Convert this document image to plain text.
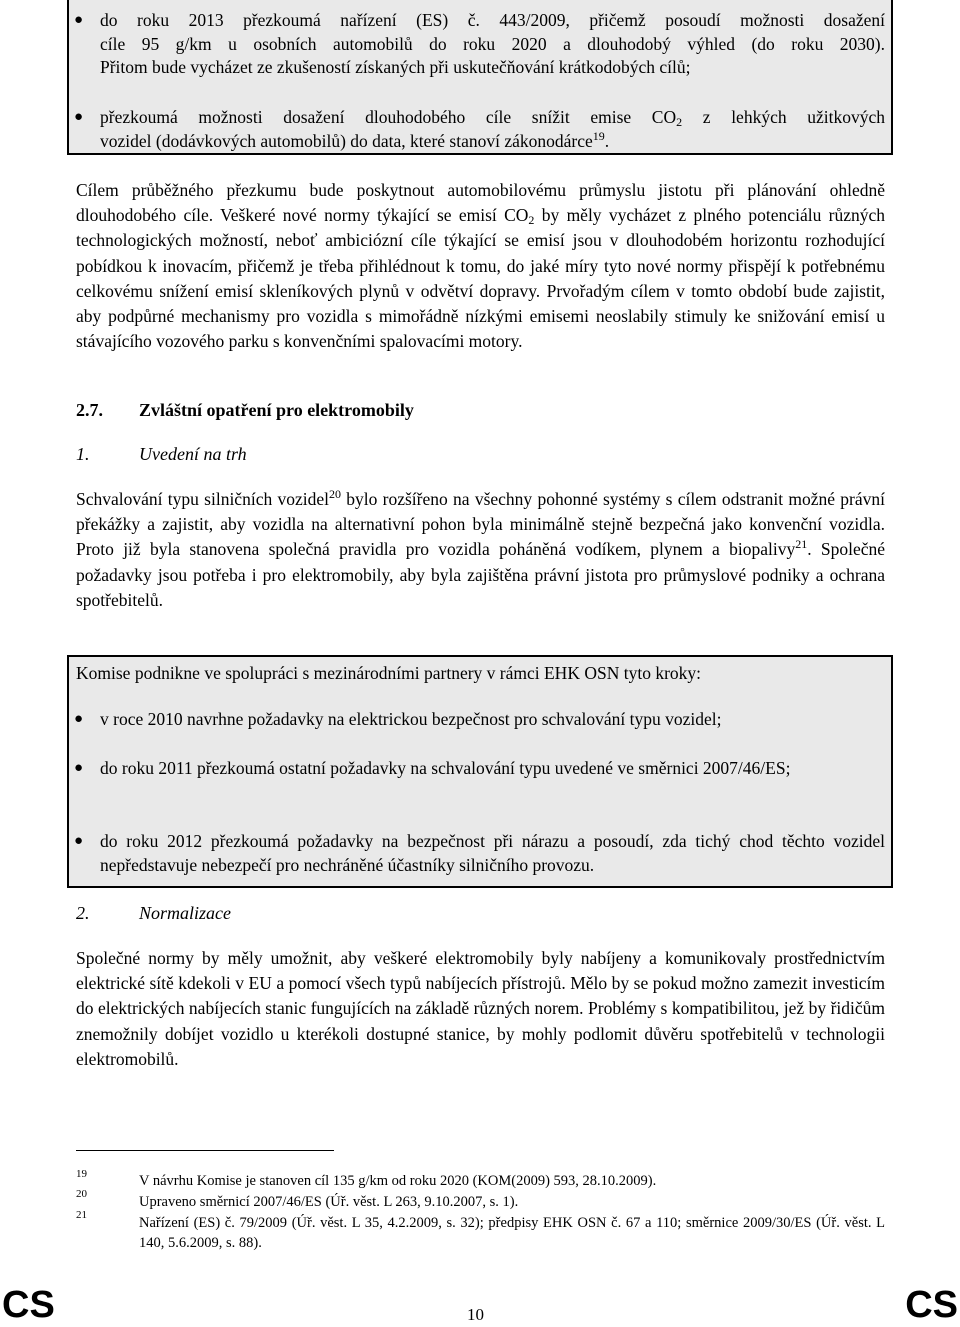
● do roku 2013 přezkoumá nařízení (ES) č. 443/2009, přičemž posoudí možnosti dosažení
cíle 95 g/km u osobních automobilů do roku 2020 a dlouhodobý výhled (do roku 2030).
Přitom bude vycházet ze zkušeností získaných při uskutečňování krátkodobých cílů;
● přezkoumá možnosti dosažení dlouhodobého cíle snížit emise $CO_2$ z lehkých užitkových
vozidel (dodávkových automobilů) do data, které stanoví zákonodárce$^{19}$.

Cílem průběžného přezkumu bude poskytnout automobilovému průmyslu jistotu při plánování ohledně dlouhodobého cíle. Veškeré nové normy týkající se emisí $CO_2$ by měly vycházet z plného potenciálu různých technologických možností, neboť ambiciózní cíle týkající se emisí jsou v dlouhodobém horizontu rozhodující pobídkou k inovacím, přičemž je třeba přihlédnout k tomu, do jaké míry tyto nové normy přispějí k potřebnému celkovému snížení emisí skleníkových plynů v odvětví dopravy. Prvořadým cílem v tomto období bude zajistit, aby podpůrné mechanismy pro vozidla s mimořádně nízkými emisemi neoslabily stimuly ke snižování emisí u stávajícího vozového parku s konvenčními spalovacími motory.

2.7. Zvláštní opatření pro elektromobily
1.	Uvedení na trh

Schvalování typu silničních vozidel$^{20}$ bylo rozšířeno na všechny pohonné systémy s cílem odstranit možné právní překážky a zajistit, aby vozidla na alternativní pohon byla minimálně stejně bezpečná jako konvenční vozidla. Proto již byla stanovena společná pravidla pro vozidla poháněná vodíkem, plynem a biopalivy$^{21}$. Společné požadavky jsou potřeba i pro elektromobily, aby byla zajištěna právní jistota pro průmyslové podniky a ochrana spotřebitelů.

Komise podnikne ve spolupráci s mezinárodními partnery v rámci EHK OSN tyto kroky:
● v roce 2010 navrhne požadavky na elektrickou bezpečnost pro schvalování typu vozidel;
● do roku 2011 přezkoumá ostatní požadavky na schvalování typu uvedené ve směrnici 2007/46/ES;
● do roku 2012 přezkoumá požadavky na bezpečnost při nárazu a posoudí, zda tichý chod těchto vozidel nepředstavuje nebezpečí pro nechráněné účastníky silničního provozu.
2.	Normalizace

Společné normy by měly umožnit, aby veškeré elektromobily byly nabíjeny a komunikovaly prostřednictvím elektrické sítě kdekoli v EU a pomocí všech typů nabíjecích přístrojů. Mělo by se pokud možno zamezit investicím do elektrických nabíjecích stanic fungujících na základě různých norem. Problémy s kompatibilitou, jež by řidičům znemožnily dobíjet vozidlo u kterékoli dostupné stanice, by mohly podlomit důvěru spotřebitelů v technologii elektromobilů.

19	V návrhu Komise je stanoven cíl 135 g/km od roku 2020 (KOM(2009) 593, 28.10.2009).
20	Upraveno směrnicí 2007/46/ES (Úř. věst. L 263, 9.10.2007, s. 1).
21	Nařízení (ES) č. 79/2009 (Úř. věst. L 35, 4.2.2009, s. 32); předpisy EHK OSN č. 67 a 110; směrnice 2009/30/ES (Úř. věst. L 140, 5.6.2009, s. 88).
CS	10	CS
